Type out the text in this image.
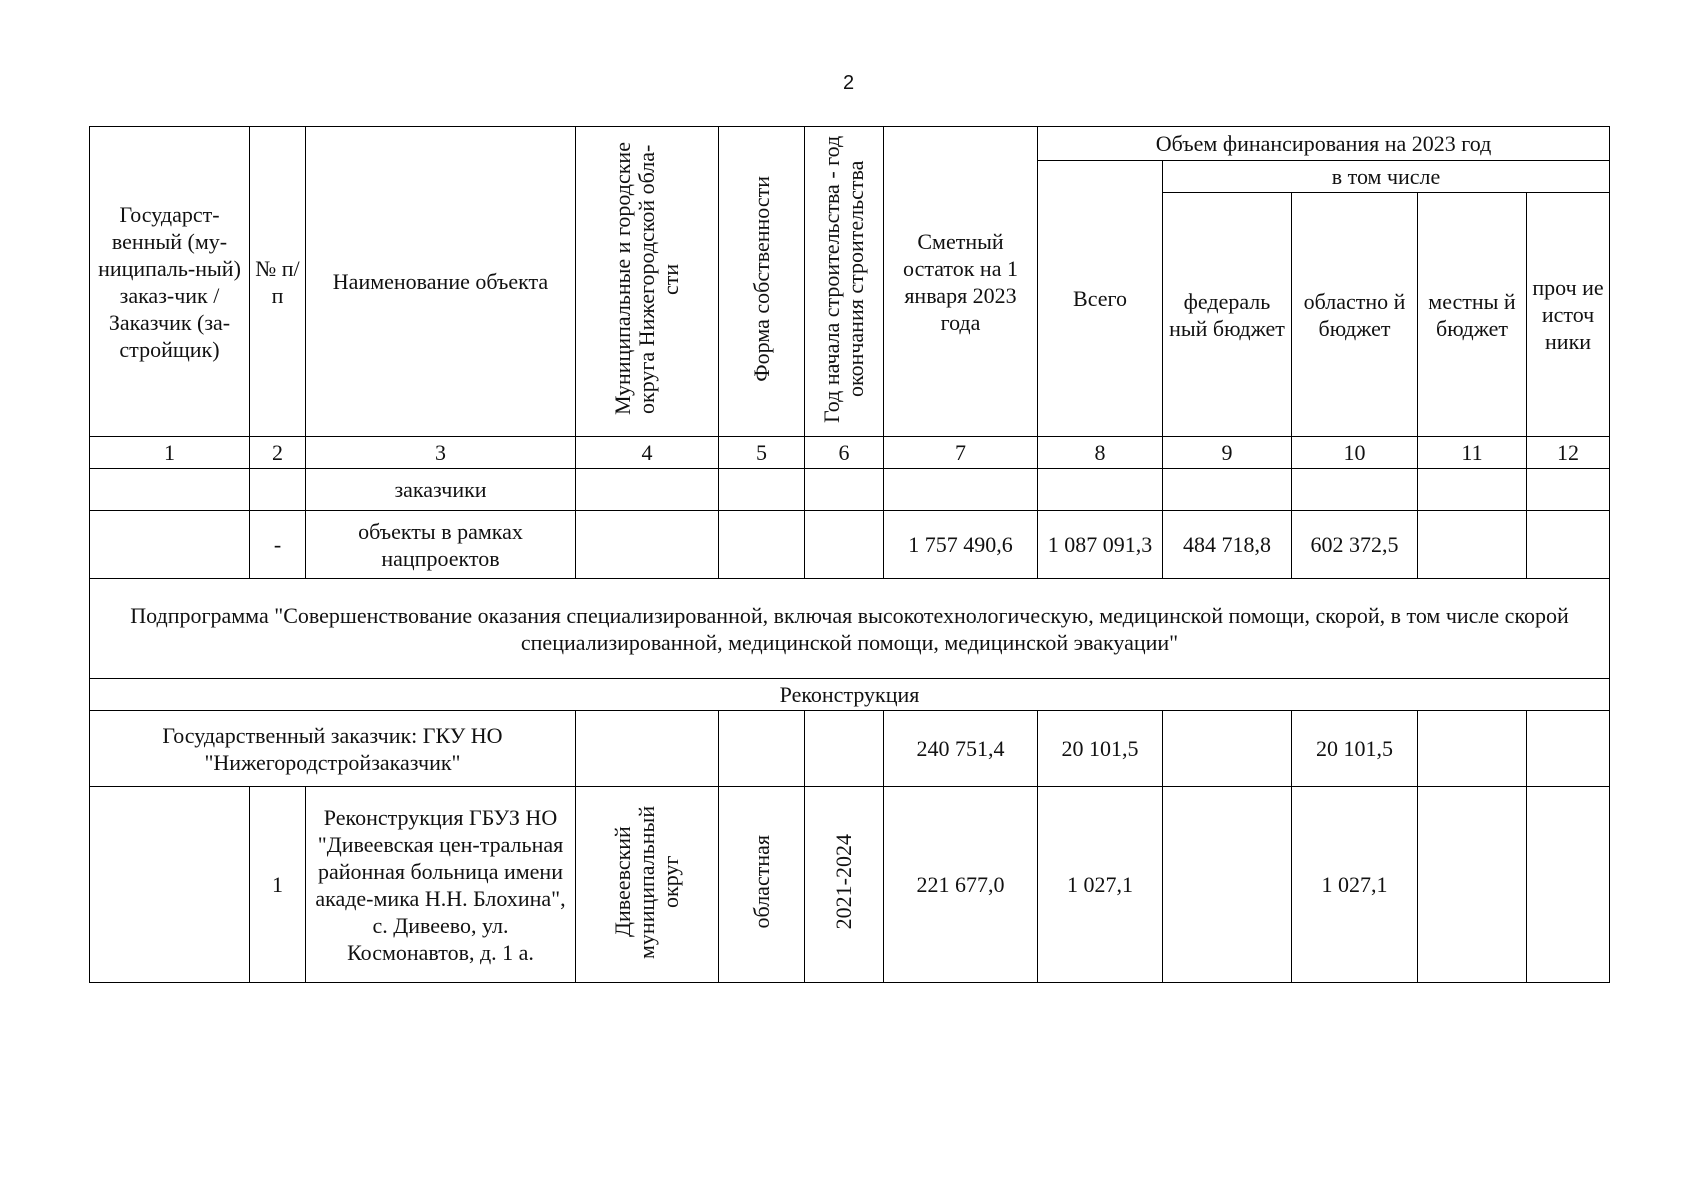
2
Государст-венный (му-ниципаль-ный) заказ-чик / Заказчик (за-стройщик)	№ п/п	Наименование объекта	Муниципальные и городские округа Нижегородской обла-сти	Форма собственности	Год начала строительства - год окончания строительства	Сметный остаток на 1 января 2023 года	Объем финансирования на 2023 год				
							Всего	в том числе			
								федераль ный бюджет	областно й бюджет	местны й бюджет	проч ие источ ники
1	2	3	4	5	6	7	8	9	10	11	12
		заказчики									
	-	объекты в рамках нацпроектов				1 757 490,6	1 087 091,3	484 718,8	602 372,5		
Подпрограмма "Совершенствование оказания специализированной, включая высокотехнологическую, медицинской помощи, скорой, в том числе скорой специализированной, медицинской помощи, медицинской эвакуации"											
Реконструкция											
Государственный заказчик: ГКУ НО "Нижегородстройзаказчик"						240 751,4	20 101,5		20 101,5		
	1	Реконструкция ГБУЗ НО "Дивеевская цен-тральная районная больница имени акаде-мика Н.Н. Блохина", с. Дивеево, ул. Космонавтов, д. 1 а.	Дивеевский муниципальный округ	областная	2021-2024	221 677,0	1 027,1		1 027,1		
